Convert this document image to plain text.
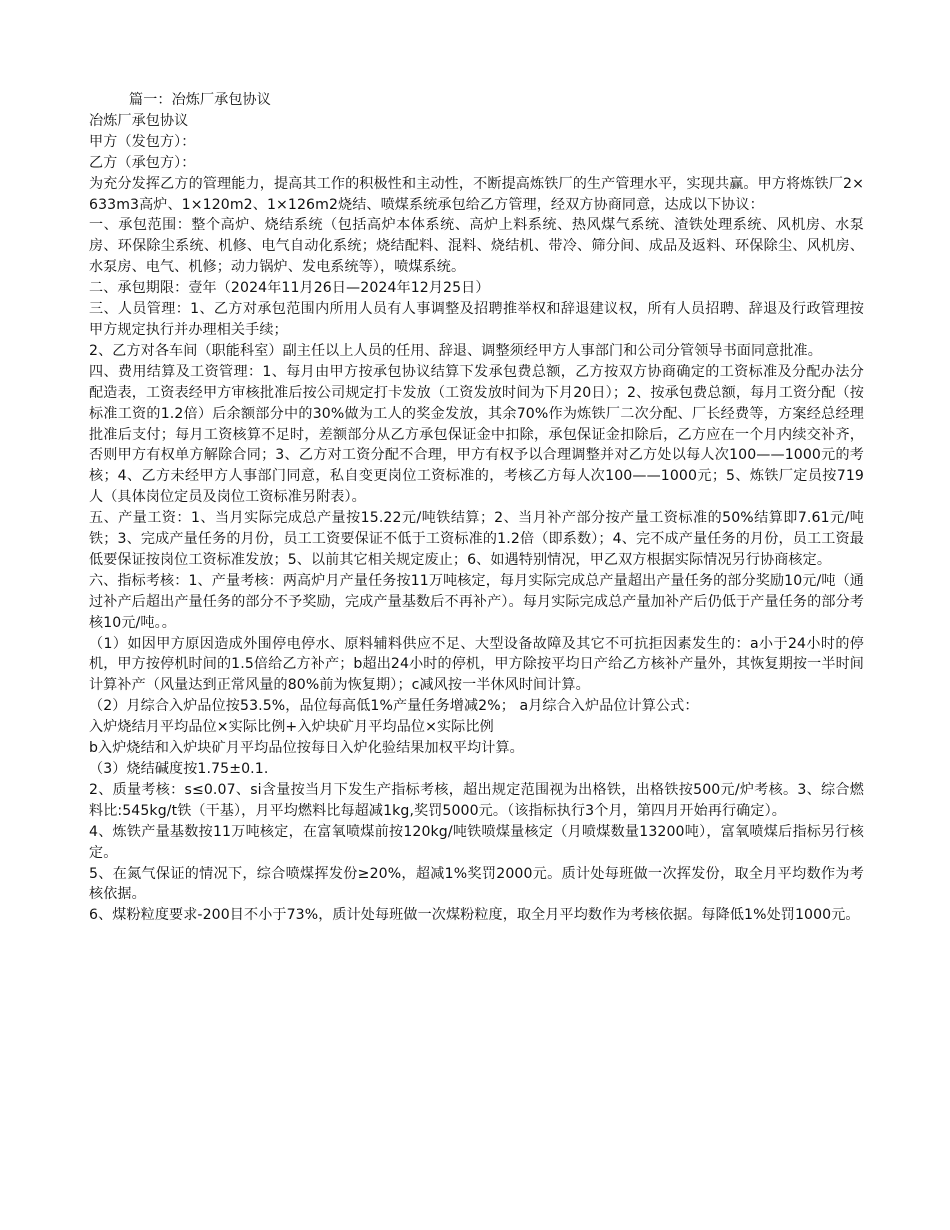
篇一：冶炼厂承包协议

冶炼厂承包协议

甲方（发包方）：

乙方（承包方）：

为充分发挥乙方的管理能力，提高其工作的积极性和主动性，不断提高炼铁厂的生产管理水平，实现共赢。甲方将炼铁厂2×633m3高炉、1×120m2、1×126m2烧结、喷煤系统承包给乙方管理，经双方协商同意，达成以下协议：

一、承包范围：整个高炉、烧结系统（包括高炉本体系统、高炉上料系统、热风煤气系统、渣铁处理系统、风机房、水泵房、环保除尘系统、机修、电气自动化系统；烧结配料、混料、烧结机、带冷、筛分间、成品及返料、环保除尘、风机房、水泵房、电气、机修；动力锅炉、发电系统等），喷煤系统。

二、承包期限：壹年（2024年11月26日—2024年12月25日）

三、人员管理：1、乙方对承包范围内所用人员有人事调整及招聘推举权和辞退建议权，所有人员招聘、辞退及行政管理按甲方规定执行并办理相关手续；

2、乙方对各车间（职能科室）副主任以上人员的任用、辞退、调整须经甲方人事部门和公司分管领导书面同意批准。

四、费用结算及工资管理：1、每月由甲方按承包协议结算下发承包费总额，乙方按双方协商确定的工资标准及分配办法分配造表，工资表经甲方审核批准后按公司规定打卡发放（工资发放时间为下月20日）；2、按承包费总额，每月工资分配（按标准工资的1.2倍）后余额部分中的30%做为工人的奖金发放，其余70%作为炼铁厂二次分配、厂长经费等，方案经总经理批准后支付；每月工资核算不足时，差额部分从乙方承包保证金中扣除，承包保证金扣除后，乙方应在一个月内续交补齐，否则甲方有权单方解除合同；3、乙方对工资分配不合理，甲方有权予以合理调整并对乙方处以每人次100——1000元的考核；4、乙方未经甲方人事部门同意，私自变更岗位工资标准的，考核乙方每人次100——1000元；5、炼铁厂定员按719人（具体岗位定员及岗位工资标准另附表）。

五、产量工资：1、当月实际完成总产量按15.22元/吨铁结算；2、当月补产部分按产量工资标准的50%结算即7.61元/吨铁；3、完成产量任务的月份，员工工资要保证不低于工资标准的1.2倍（即系数）；4、完不成产量任务的月份，员工工资最低要保证按岗位工资标准发放；5、以前其它相关规定废止；6、如遇特别情况，甲乙双方根据实际情况另行协商核定。

六、指标考核：1、产量考核：两高炉月产量任务按11万吨核定，每月实际完成总产量超出产量任务的部分奖励10元/吨（通过补产后超出产量任务的部分不予奖励，完成产量基数后不再补产）。每月实际完成总产量加补产后仍低于产量任务的部分考核10元/吨。。

（1）如因甲方原因造成外围停电停水、原料辅料供应不足、大型设备故障及其它不可抗拒因素发生的：a小于24小时的停机，甲方按停机时间的1.5倍给乙方补产；b超出24小时的停机，甲方除按平均日产给乙方核补产量外，其恢复期按一半时间计算补产（风量达到正常风量的80%前为恢复期）；c减风按一半休风时间计算。

（2）月综合入炉品位按53.5%，品位每高低1%产量任务增减2%； a月综合入炉品位计算公式：

入炉烧结月平均品位×实际比例+入炉块矿月平均品位×实际比例

b入炉烧结和入炉块矿月平均品位按每日入炉化验结果加权平均计算。

（3）烧结碱度按1.75±0.1.

2、质量考核：s≤0.07、si含量按当月下发生产指标考核，超出规定范围视为出格铁，出格铁按500元/炉考核。3、综合燃料比:545kg/t铁（干基），月平均燃料比每超减1kg,奖罚5000元。（该指标执行3个月，第四月开始再行确定）。

4、炼铁产量基数按11万吨核定，在富氧喷煤前按120kg/吨铁喷煤量核定（月喷煤数量13200吨），富氧喷煤后指标另行核定。

5、在氮气保证的情况下，综合喷煤挥发份≥20%，超减1%奖罚2000元。质计处每班做一次挥发份，取全月平均数作为考核依据。

6、煤粉粒度要求-200目不小于73%，质计处每班做一次煤粉粒度，取全月平均数作为考核依据。每降低1%处罚1000元。
